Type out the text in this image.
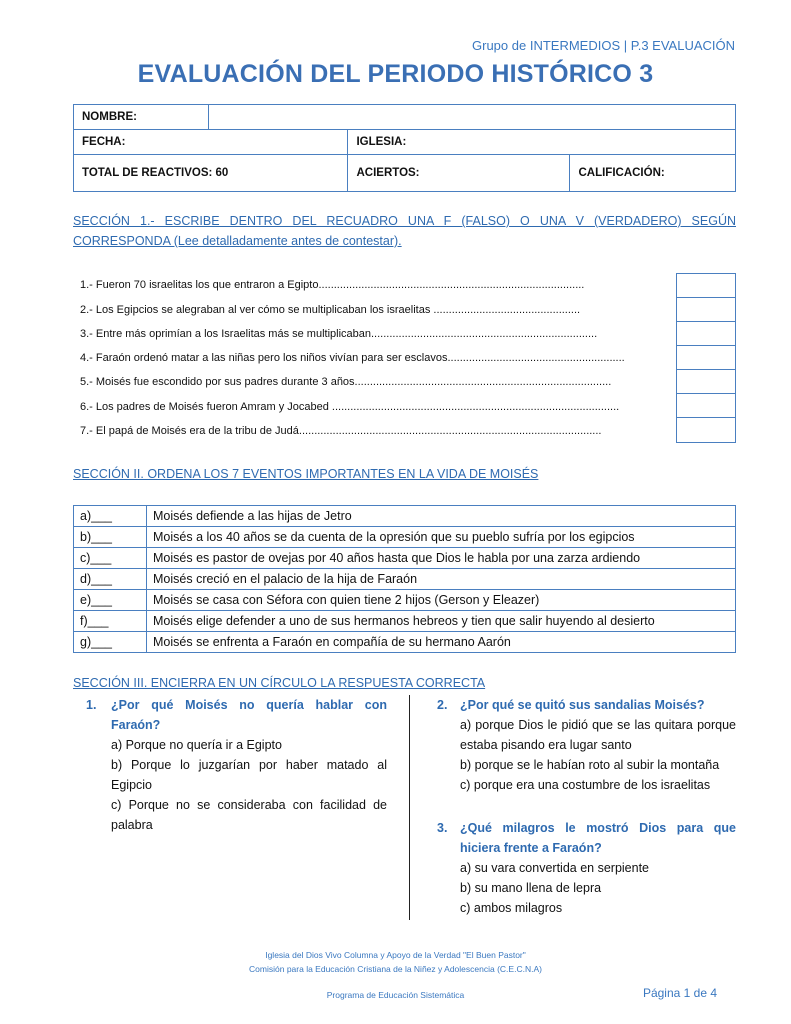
Grupo de INTERMEDIOS | P.3 EVALUACIÓN
EVALUACIÓN DEL PERIODO HISTÓRICO 3
NOMBRE:			
FECHA:		IGLESIA:	
TOTAL DE REACTIVOS: 60		ACIERTOS:	CALIFICACIÓN:
SECCIÓN 1.- ESCRIBE DENTRO DEL RECUADRO UNA F (FALSO) O UNA V (VERDADERO) SEGÚN CORRESPONDA (Lee detalladamente antes de contestar).
1.- Fueron 70 israelitas los que entraron a Egipto.......................................................................................
2.- Los Egipcios se alegraban al ver cómo se multiplicaban los israelitas ................................................
3.- Entre más oprimían a los Israelitas más se multiplicaban..........................................................................
4.- Faraón ordenó matar a las niñas pero los niños vivían para ser esclavos..........................................................
5.- Moisés fue escondido por sus padres durante 3 años....................................................................................
6.- Los padres de Moisés fueron Amram y Jocabed ..............................................................................................
7.- El papá de Moisés era de la tribu de Judá...................................................................................................
SECCIÓN II. ORDENA LOS 7 EVENTOS IMPORTANTES EN LA VIDA DE MOISÉS
a)___	Moisés defiende a las hijas de Jetro
b)___	Moisés a los 40 años se da cuenta de la opresión que su pueblo sufría por los egipcios
c)___	Moisés es pastor de ovejas por 40 años hasta que Dios le habla por una zarza ardiendo
d)___	Moisés creció en el palacio de la hija de Faraón
e)___	Moisés se casa con Séfora con quien tiene 2 hijos (Gerson y Eleazer)
f)___	Moisés elige defender a uno de sus hermanos hebreos y tien que salir huyendo al desierto
g)___	Moisés se enfrenta a Faraón en compañía de su hermano Aarón
SECCIÓN III. ENCIERRA EN UN CÍRCULO LA RESPUESTA CORRECTA
1. ¿Por qué Moisés no quería hablar con Faraón?
a) Porque no quería ir a Egipto
b) Porque lo juzgarían por haber matado al Egipcio
c) Porque no se consideraba con facilidad de palabra
2. ¿Por qué se quitó sus sandalias Moisés?
a) porque Dios le pidió que se las quitara porque estaba pisando era lugar santo
b) porque se le habían roto al subir la montaña
c) porque era una costumbre de los israelitas
3. ¿Qué milagros le mostró Dios para que hiciera frente a Faraón?
a) su vara convertida en serpiente
b) su mano llena de lepra
c) ambos milagros
Iglesia del Dios Vivo Columna y Apoyo de la Verdad "El Buen Pastor"
Comisión para la Educación Cristiana de la Niñez y Adolescencia (C.E.C.N.A)
Programa de Educación Sistemática	Página 1 de 4
